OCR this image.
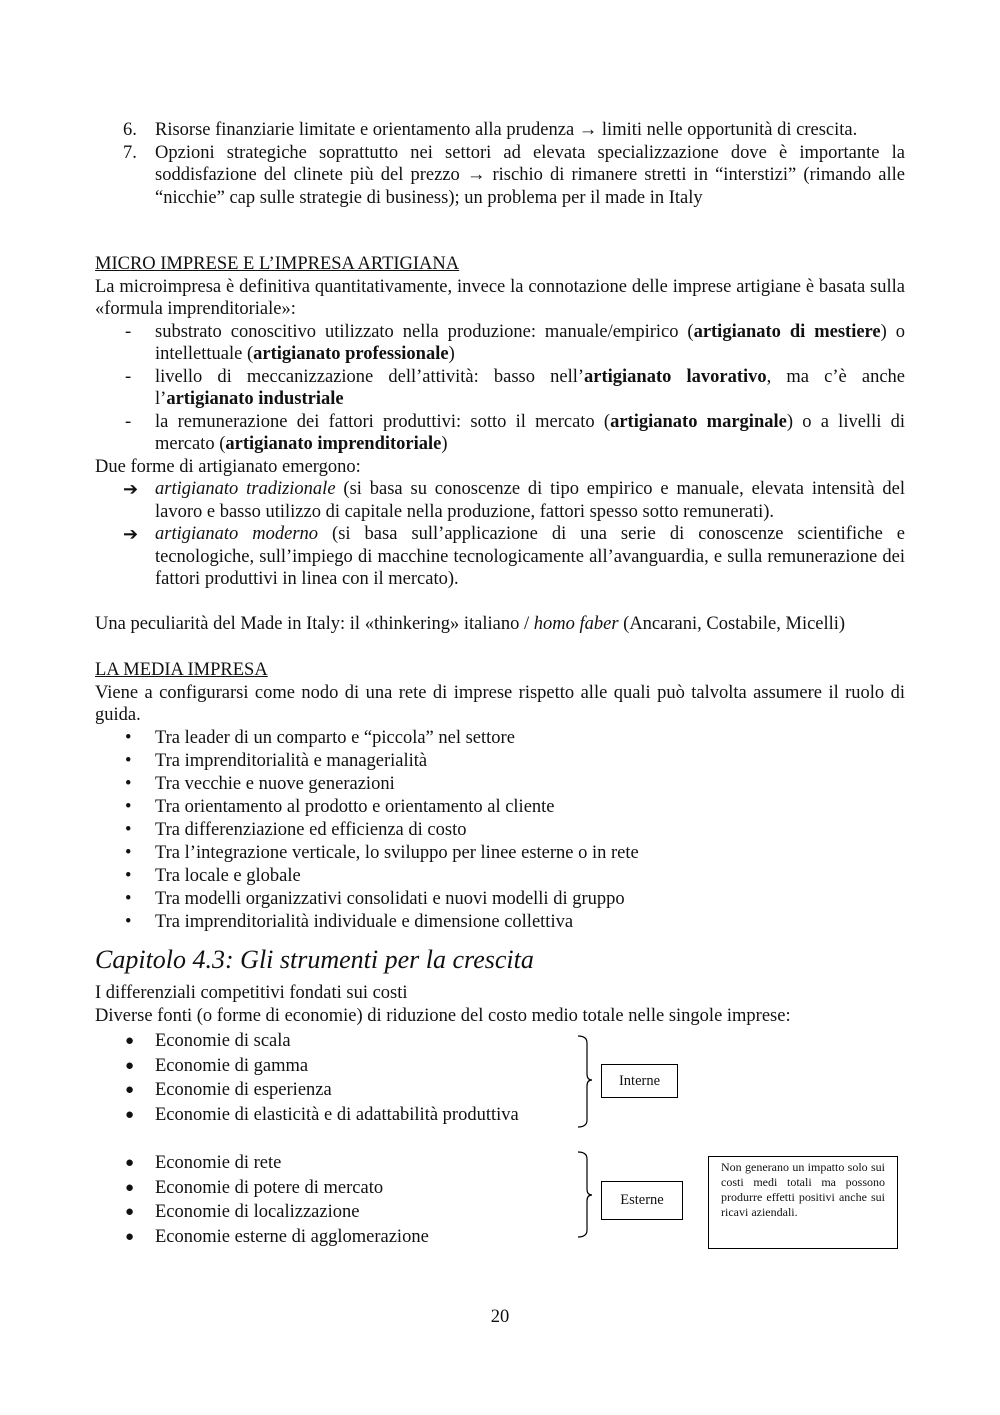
6. Risorse finanziarie limitate e orientamento alla prudenza → limiti nelle opportunità di crescita.
7. Opzioni strategiche soprattutto nei settori ad elevata specializzazione dove è importante la soddisfazione del clinete più del prezzo → rischio di rimanere stretti in “interstizi” (rimando alle “nicchie” cap sulle strategie di business); un problema per il made in Italy
MICRO IMPRESE E L’IMPRESA ARTIGIANA
La microimpresa è definitiva quantitativamente, invece la connotazione delle imprese artigiane è basata sulla «formula imprenditoriale»:
- substrato conoscitivo utilizzato nella produzione: manuale/empirico (artigianato di mestiere) o intellettuale (artigianato professionale)
- livello di meccanizzazione dell’attività: basso nell’artigianato lavorativo, ma c’è anche l’artigianato industriale
- la remunerazione dei fattori produttivi: sotto il mercato (artigianato marginale) o a livelli di mercato (artigianato imprenditoriale)
Due forme di artigianato emergono:
➔ artigianato tradizionale (si basa su conoscenze di tipo empirico e manuale, elevata intensità del lavoro e basso utilizzo di capitale nella produzione, fattori spesso sotto remunerati).
➔ artigianato moderno (si basa sull’applicazione di una serie di conoscenze scientifiche e tecnologiche, sull’impiego di macchine tecnologicamente all’avanguardia, e sulla remunerazione dei fattori produttivi in linea con il mercato).
Una peculiarità del Made in Italy: il «thinkering» italiano / homo faber (Ancarani, Costabile, Micelli)
LA MEDIA IMPRESA
Viene a configurarsi come nodo di una rete di imprese rispetto alle quali può talvolta assumere il ruolo di guida.
• Tra leader di un comparto e “piccola” nel settore
• Tra imprenditorialità e managerialità
• Tra vecchie e nuove generazioni
• Tra orientamento al prodotto e orientamento al cliente
• Tra differenziazione ed efficienza di costo
• Tra l’integrazione verticale, lo sviluppo per linee esterne o in rete
• Tra locale e globale
• Tra modelli organizzativi consolidati e nuovi modelli di gruppo
• Tra imprenditorialità individuale e dimensione collettiva
Capitolo 4.3: Gli strumenti per la crescita
I differenziali competitivi fondati sui costi
Diverse fonti (o forme di economie) di riduzione del costo medio totale nelle singole imprese:
● Economie di scala
● Economie di gamma
● Economie di esperienza
● Economie di elasticità e di adattabilità produttiva
● Economie di rete
● Economie di potere di mercato
● Economie di localizzazione
● Economie esterne di agglomerazione
Interne
Esterne
Non generano un impatto solo sui costi medi totali ma possono produrre effetti positivi anche sui ricavi aziendali.
20
